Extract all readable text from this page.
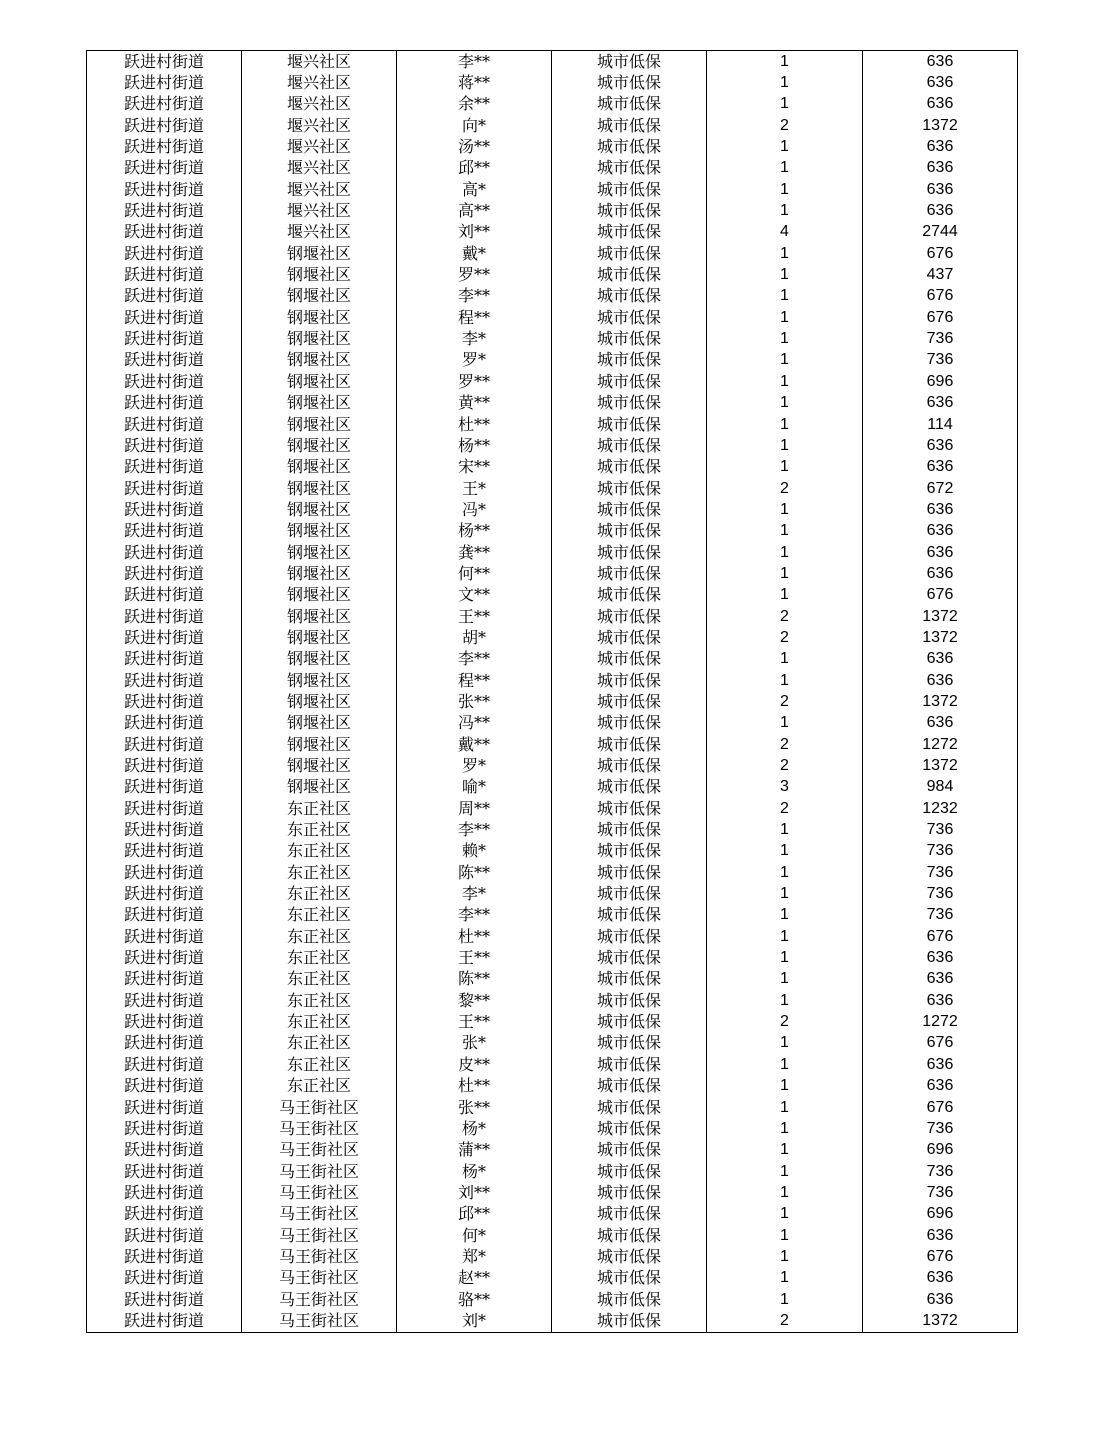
跃进村街道	堰兴社区	李**	城市低保	1	636
跃进村街道	堰兴社区	蒋**	城市低保	1	636
跃进村街道	堰兴社区	余**	城市低保	1	636
跃进村街道	堰兴社区	向*	城市低保	2	1372
跃进村街道	堰兴社区	汤**	城市低保	1	636
跃进村街道	堰兴社区	邱**	城市低保	1	636
跃进村街道	堰兴社区	高*	城市低保	1	636
跃进村街道	堰兴社区	高**	城市低保	1	636
跃进村街道	堰兴社区	刘**	城市低保	4	2744
跃进村街道	钢堰社区	戴*	城市低保	1	676
跃进村街道	钢堰社区	罗**	城市低保	1	437
跃进村街道	钢堰社区	李**	城市低保	1	676
跃进村街道	钢堰社区	程**	城市低保	1	676
跃进村街道	钢堰社区	李*	城市低保	1	736
跃进村街道	钢堰社区	罗*	城市低保	1	736
跃进村街道	钢堰社区	罗**	城市低保	1	696
跃进村街道	钢堰社区	黄**	城市低保	1	636
跃进村街道	钢堰社区	杜**	城市低保	1	114
跃进村街道	钢堰社区	杨**	城市低保	1	636
跃进村街道	钢堰社区	宋**	城市低保	1	636
跃进村街道	钢堰社区	王*	城市低保	2	672
跃进村街道	钢堰社区	冯*	城市低保	1	636
跃进村街道	钢堰社区	杨**	城市低保	1	636
跃进村街道	钢堰社区	龚**	城市低保	1	636
跃进村街道	钢堰社区	何**	城市低保	1	636
跃进村街道	钢堰社区	文**	城市低保	1	676
跃进村街道	钢堰社区	王**	城市低保	2	1372
跃进村街道	钢堰社区	胡*	城市低保	2	1372
跃进村街道	钢堰社区	李**	城市低保	1	636
跃进村街道	钢堰社区	程**	城市低保	1	636
跃进村街道	钢堰社区	张**	城市低保	2	1372
跃进村街道	钢堰社区	冯**	城市低保	1	636
跃进村街道	钢堰社区	戴**	城市低保	2	1272
跃进村街道	钢堰社区	罗*	城市低保	2	1372
跃进村街道	钢堰社区	喻*	城市低保	3	984
跃进村街道	东正社区	周**	城市低保	2	1232
跃进村街道	东正社区	李**	城市低保	1	736
跃进村街道	东正社区	赖*	城市低保	1	736
跃进村街道	东正社区	陈**	城市低保	1	736
跃进村街道	东正社区	李*	城市低保	1	736
跃进村街道	东正社区	李**	城市低保	1	736
跃进村街道	东正社区	杜**	城市低保	1	676
跃进村街道	东正社区	王**	城市低保	1	636
跃进村街道	东正社区	陈**	城市低保	1	636
跃进村街道	东正社区	黎**	城市低保	1	636
跃进村街道	东正社区	王**	城市低保	2	1272
跃进村街道	东正社区	张*	城市低保	1	676
跃进村街道	东正社区	皮**	城市低保	1	636
跃进村街道	东正社区	杜**	城市低保	1	636
跃进村街道	马王街社区	张**	城市低保	1	676
跃进村街道	马王街社区	杨*	城市低保	1	736
跃进村街道	马王街社区	蒲**	城市低保	1	696
跃进村街道	马王街社区	杨*	城市低保	1	736
跃进村街道	马王街社区	刘**	城市低保	1	736
跃进村街道	马王街社区	邱**	城市低保	1	696
跃进村街道	马王街社区	何*	城市低保	1	636
跃进村街道	马王街社区	郑*	城市低保	1	676
跃进村街道	马王街社区	赵**	城市低保	1	636
跃进村街道	马王街社区	骆**	城市低保	1	636
跃进村街道	马王街社区	刘*	城市低保	2	1372
